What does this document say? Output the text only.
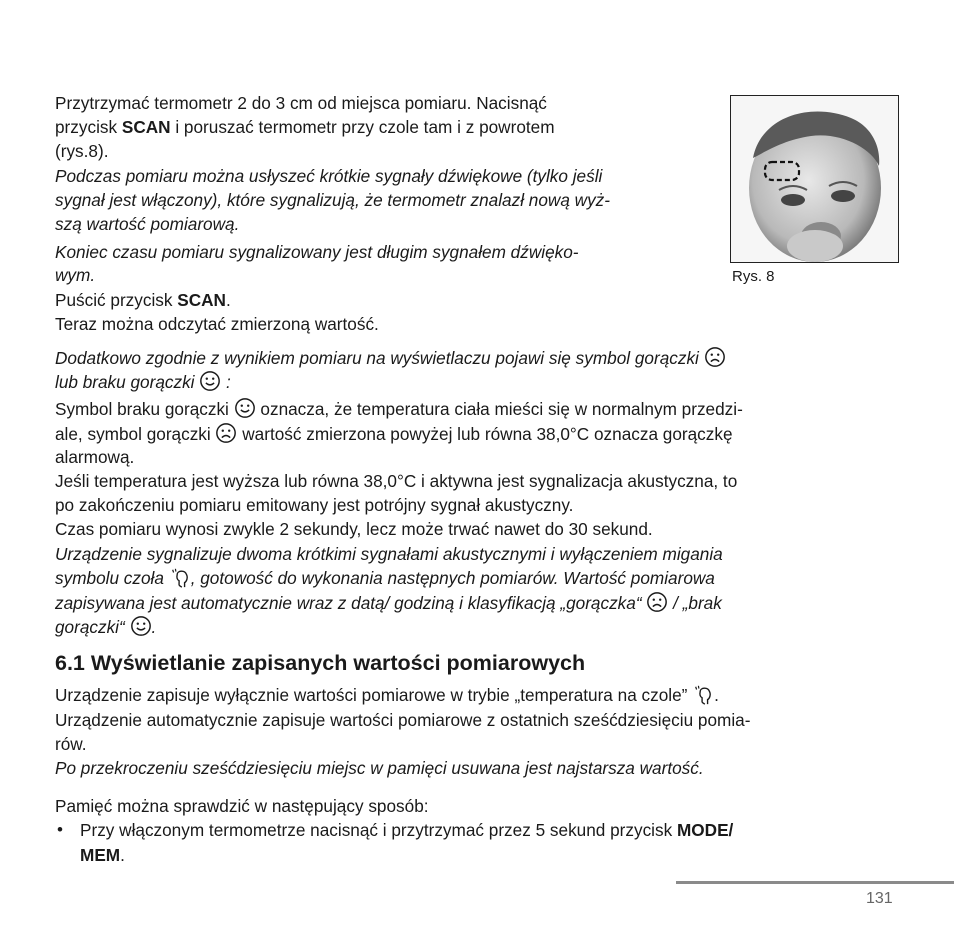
Przytrzymać termometr 2 do 3 cm od miejsca pomiaru. Nacisnąć

przycisk SCAN i poruszać termometr przy czole tam i z powrotem

(rys.8).

Podczas pomiaru można usłyszeć krótkie sygnały dźwiękowe (tylko jeśli

sygnał jest włączony), które sygnalizują, że termometr znalazł nową wyż-

szą wartość pomiarową.

Koniec czasu pomiaru sygnalizowany jest długim sygnałem dźwięko-

wym.

Puścić przycisk SCAN.

Teraz można odczytać zmierzoną wartość.

Dodatkowo zgodnie z wynikiem pomiaru na wyświetlaczu pojawi się symbol gorączki

lub braku gorączki  :

Symbol braku gorączki  oznacza, że temperatura ciała mieści się w normalnym przedzi-

ale, symbol gorączki  wartość zmierzona powyżej lub równa 38,0°C oznacza gorączkę

alarmową.

Jeśli temperatura jest wyższa lub równa 38,0°C i aktywna jest sygnalizacja akustyczna, to

po zakończeniu pomiaru emitowany jest potrójny sygnał akustyczny.

Czas pomiaru wynosi zwykle 2 sekundy, lecz może trwać nawet do 30 sekund.

Urządzenie sygnalizuje dwoma krótkimi sygnałami akustycznymi i wyłączeniem migania

symbolu czoła , gotowość do wykonania następnych pomiarów. Wartość pomiarowa

zapisywana jest automatycznie wraz z datą/ godziną i klasyfikacją „gorączka“  / „brak

gorączki“ .

6.1 Wyświetlanie zapisanych wartości pomiarowych

Urządzenie zapisuje wyłącznie wartości pomiarowe w trybie „temperatura na czole” .

Urządzenie automatycznie zapisuje wartości pomiarowe z ostatnich sześćdziesięciu pomia-

rów.

Po przekroczeniu sześćdziesięciu miejsc w pamięci usuwana jest najstarsza wartość.

Pamięć można sprawdzić w następujący sposób:

• Przy włączonym termometrze nacisnąć i przytrzymać przez 5 sekund przycisk MODE/

MEM.

Rys. 8
131
